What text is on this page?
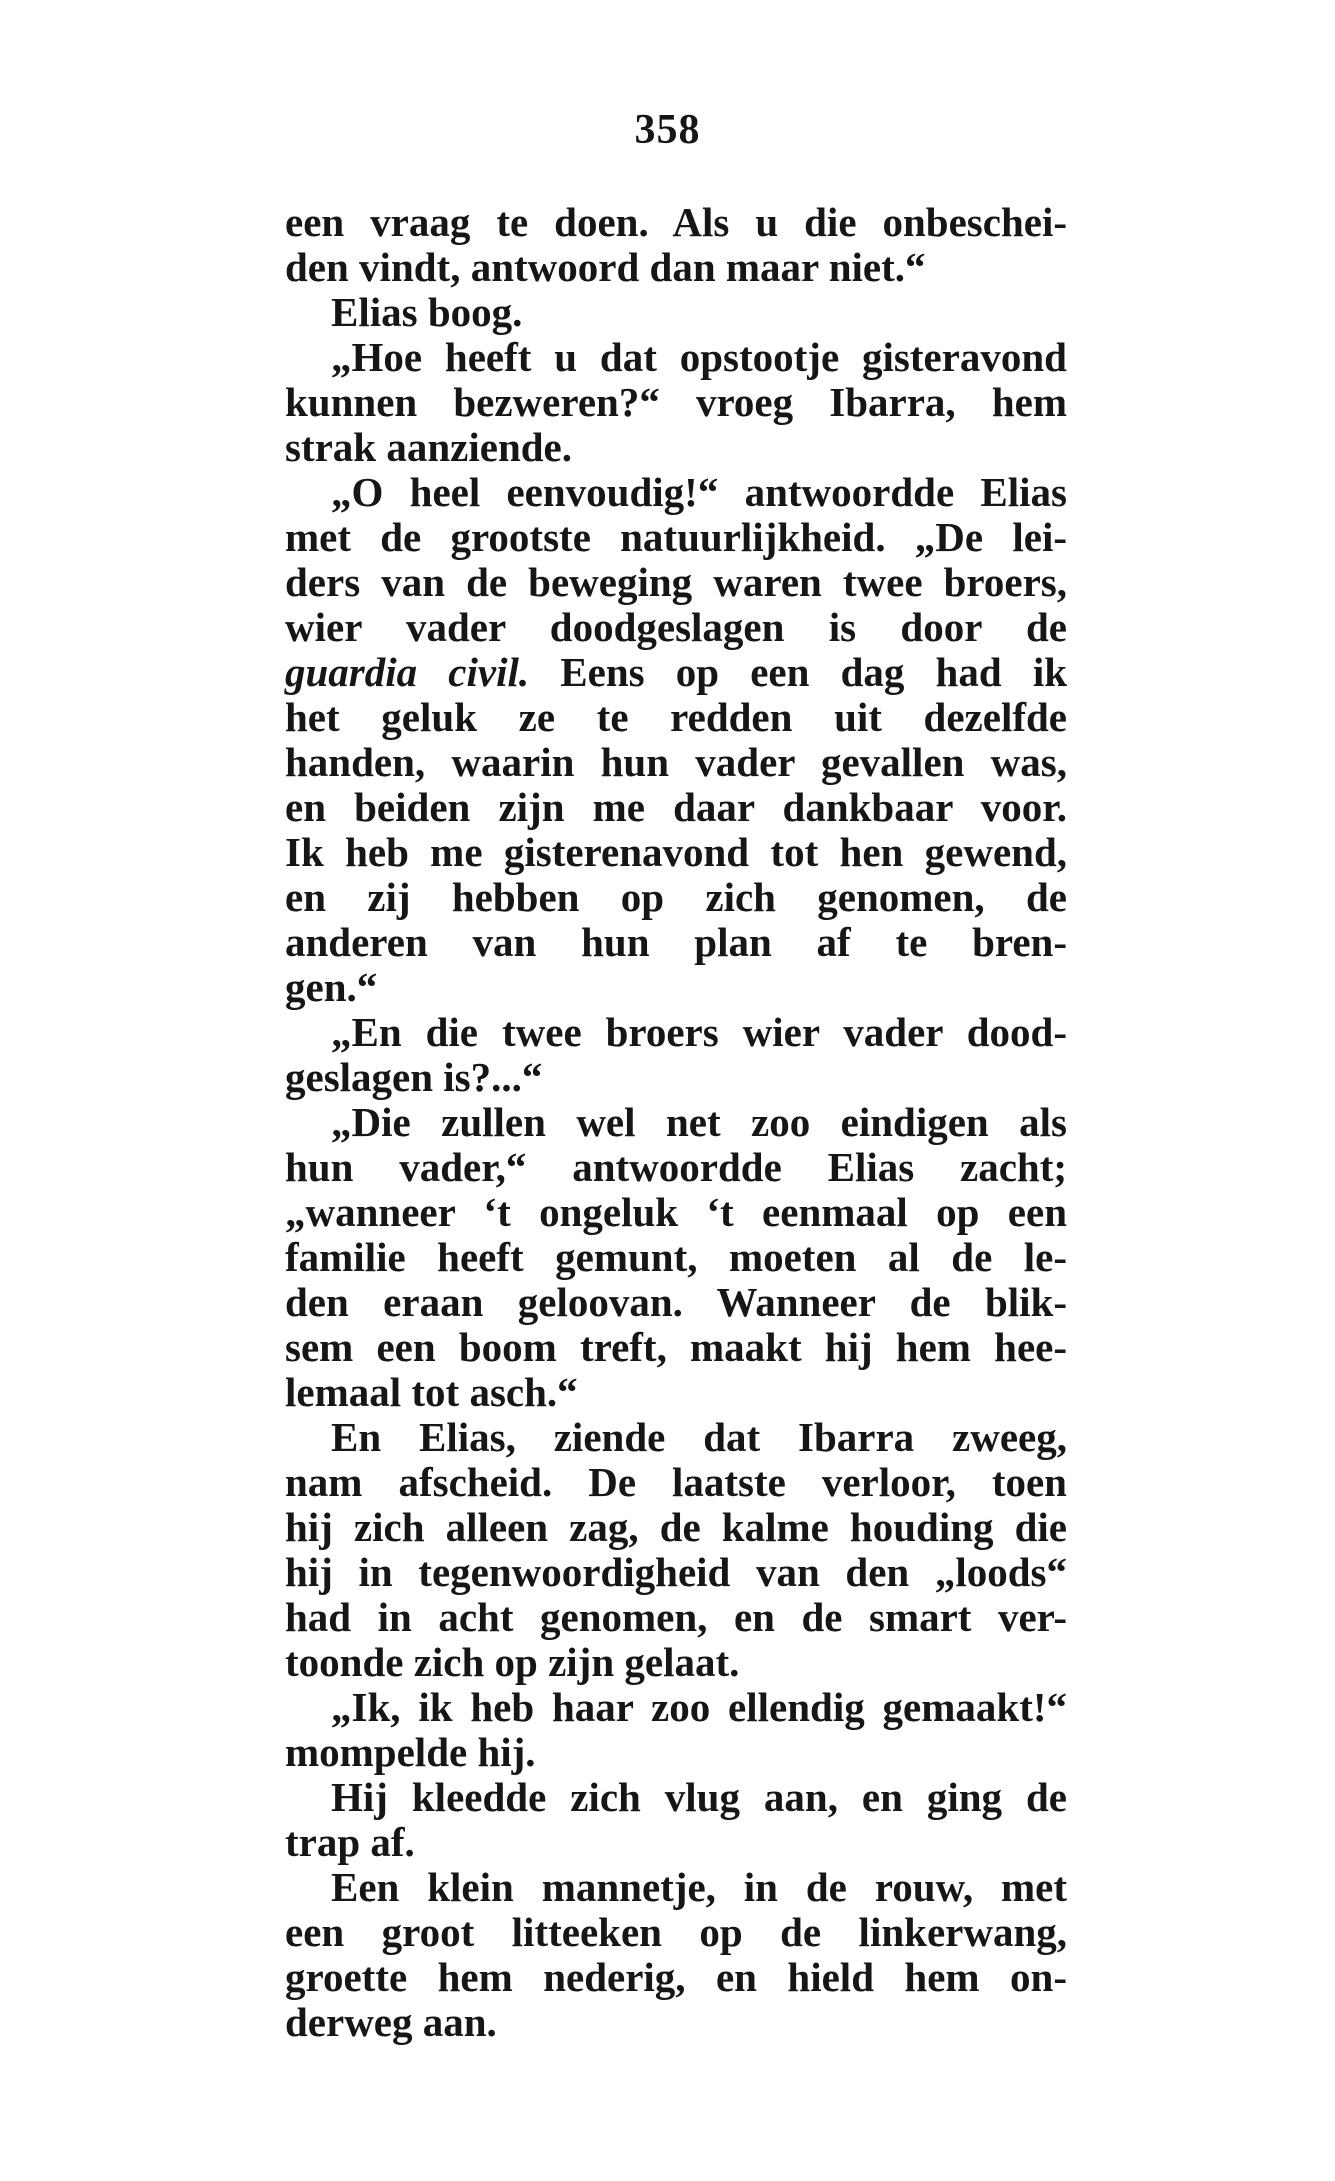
358
een vraag te doen. Als u die onbeschei-
den vindt, antwoord dan maar niet.“
Elias boog.
„Hoe heeft u dat opstootje gisteravond
kunnen bezweren?“ vroeg Ibarra, hem
strak aanziende.
„O heel eenvoudig!“ antwoordde Elias
met de grootste natuurlijkheid. „De lei-
ders van de beweging waren twee broers,
wier vader doodgeslagen is door de
guardia civil. Eens op een dag had ik
het geluk ze te redden uit dezelfde
handen, waarin hun vader gevallen was,
en beiden zijn me daar dankbaar voor.
Ik heb me gisterenavond tot hen gewend,
en zij hebben op zich genomen, de
anderen van hun plan af te bren-
gen.“
„En die twee broers wier vader dood-
geslagen is?...“
„Die zullen wel net zoo eindigen als
hun vader,“ antwoordde Elias zacht;
„wanneer ‘t ongeluk ‘t eenmaal op een
familie heeft gemunt, moeten al de le-
den eraan geloovan. Wanneer de blik-
sem een boom treft, maakt hij hem hee-
lemaal tot asch.“
En Elias, ziende dat Ibarra zweeg,
nam afscheid. De laatste verloor, toen
hij zich alleen zag, de kalme houding die
hij in tegenwoordigheid van den „loods“
had in acht genomen, en de smart ver-
toonde zich op zijn gelaat.
„Ik, ik heb haar zoo ellendig gemaakt!“
mompelde hij.
Hij kleedde zich vlug aan, en ging de
trap af.
Een klein mannetje, in de rouw, met
een groot litteeken op de linkerwang,
groette hem nederig, en hield hem on-
derweg aan.
